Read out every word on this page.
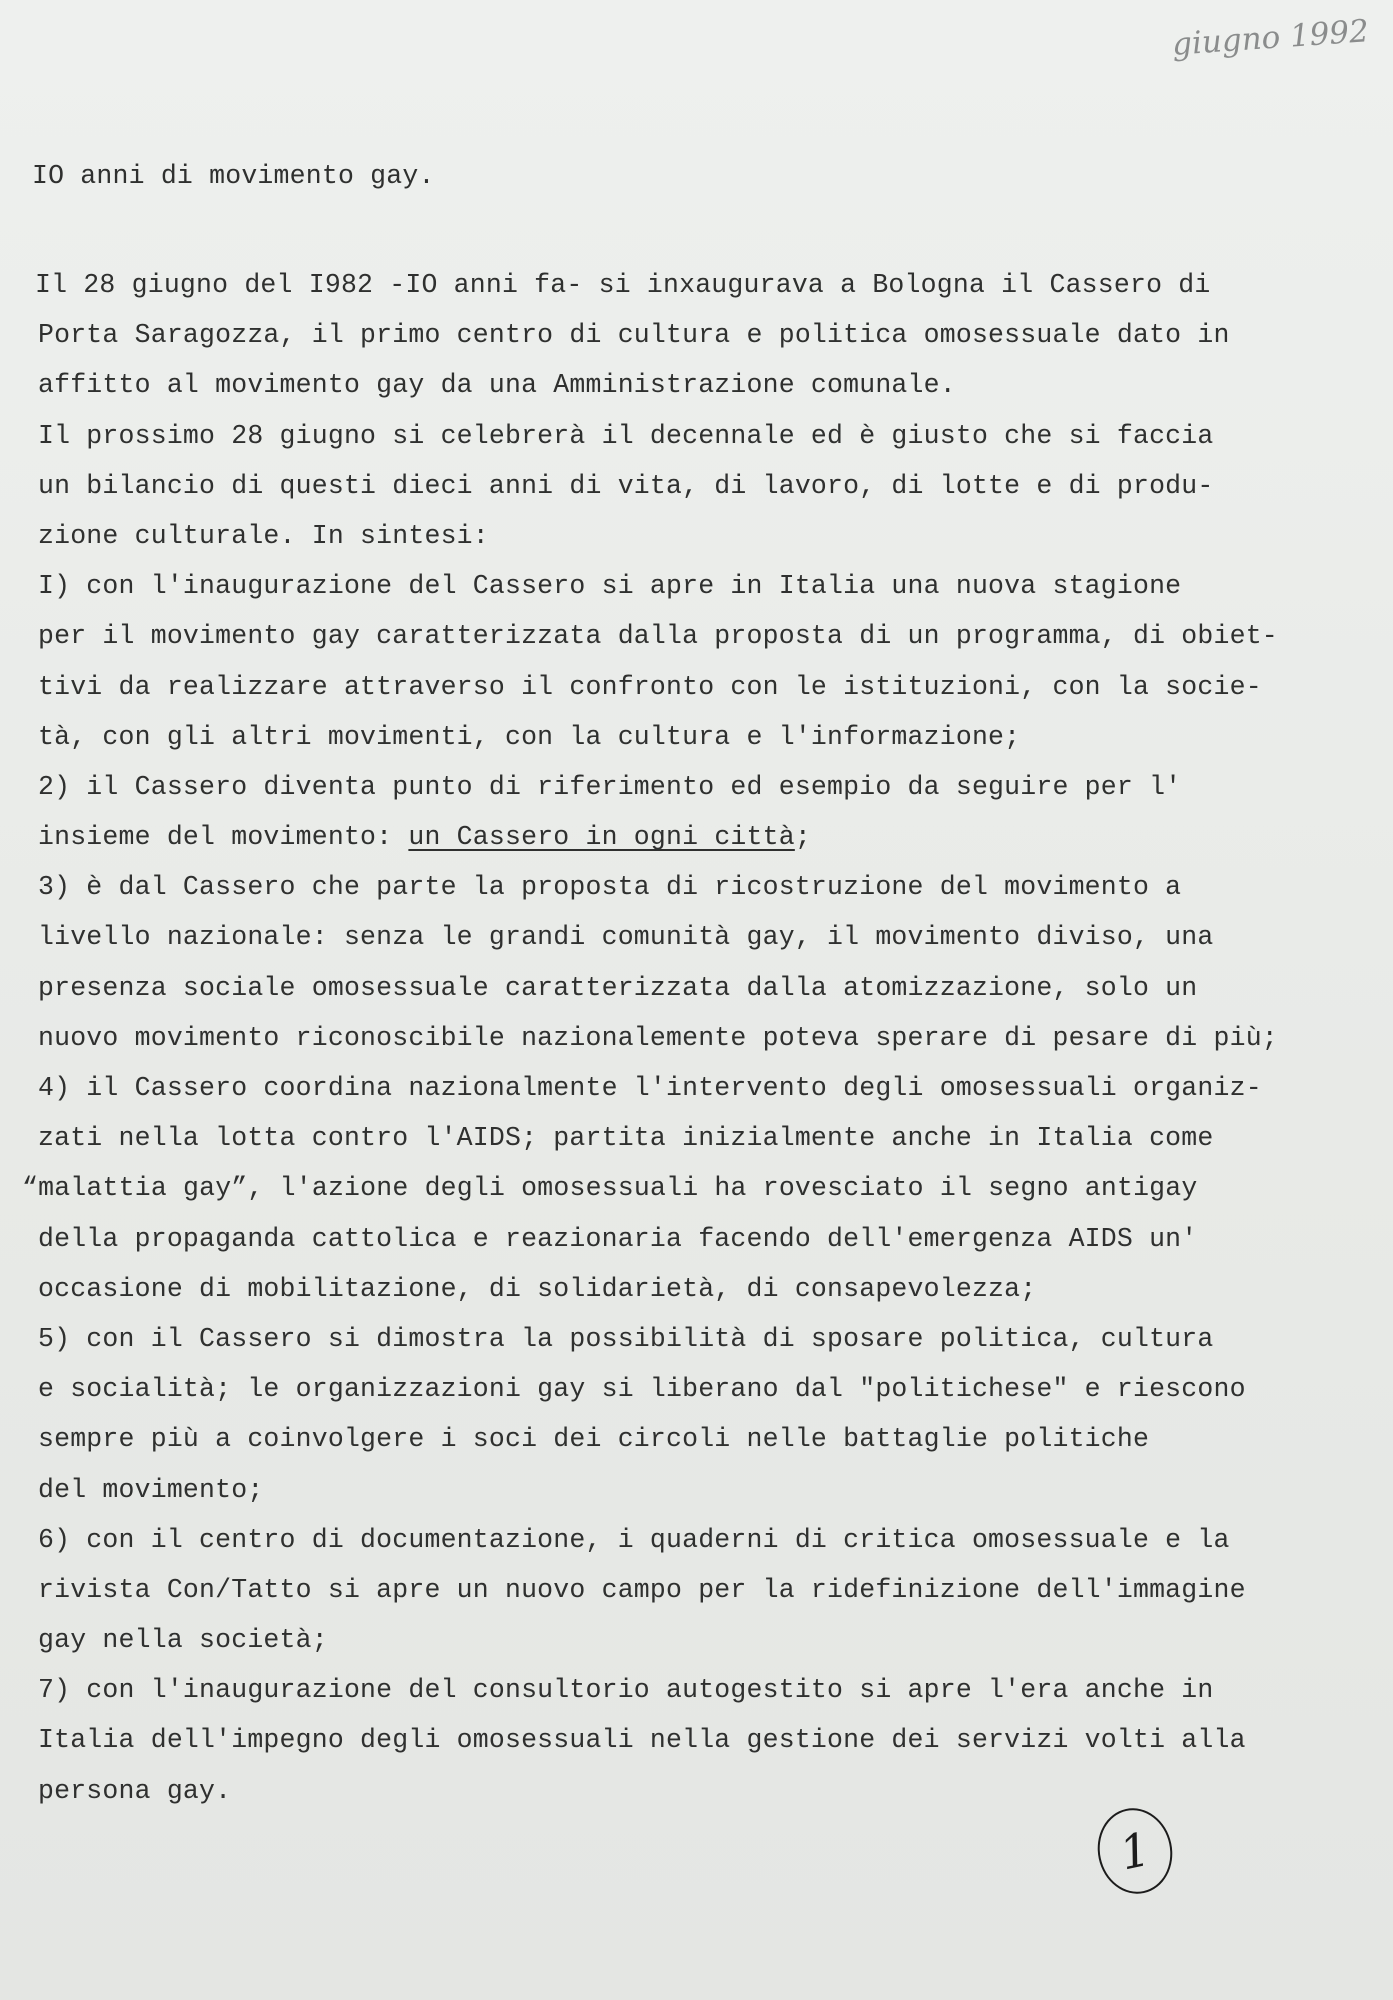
giugno 1992
IO anni di movimento gay.
Il 28 giugno del I982 -IO anni fa- si inxaugurava a Bologna il Cassero di
Porta Saragozza, il primo centro di cultura e politica omosessuale dato in
affitto al movimento gay da una Amministrazione comunale.
Il prossimo 28 giugno si celebrerà il decennale ed è giusto che si faccia
un bilancio di questi dieci anni di vita, di lavoro, di lotte e di produ-
zione culturale. In sintesi:
I) con l'inaugurazione del Cassero si apre in Italia una nuova stagione
per il movimento gay caratterizzata dalla proposta di un programma, di obiet-
tivi da realizzare attraverso il confronto con le istituzioni, con la socie-
tà, con gli altri movimenti, con la cultura e l'informazione;
2) il Cassero diventa punto di riferimento ed esempio da seguire per l'
insieme del movimento: un Cassero in ogni città;
3) è dal Cassero che parte la proposta di ricostruzione del movimento a
livello nazionale: senza le grandi comunità gay, il movimento diviso, una
presenza sociale omosessuale caratterizzata dalla atomizzazione, solo un
nuovo movimento riconoscibile nazionalemente poteva sperare di pesare di più;
4) il Cassero coordina nazionalmente l'intervento degli omosessuali organiz-
zati nella lotta contro l'AIDS; partita inizialmente anche in Italia come
“malattia gay”, l'azione degli omosessuali ha rovesciato il segno antigay
della propaganda cattolica e reazionaria facendo dell'emergenza AIDS un'
occasione di mobilitazione, di solidarietà, di consapevolezza;
5) con il Cassero si dimostra la possibilità di sposare politica, cultura
e socialità; le organizzazioni gay si liberano dal "politichese" e riescono
sempre più a coinvolgere i soci dei circoli nelle battaglie politiche
del movimento;
6) con il centro di documentazione, i quaderni di critica omosessuale e la
rivista Con/Tatto si apre un nuovo campo per la ridefinizione dell'immagine
gay nella società;
7) con l'inaugurazione del consultorio autogestito si apre l'era anche in
Italia dell'impegno degli omosessuali nella gestione dei servizi volti alla
persona gay.
1
